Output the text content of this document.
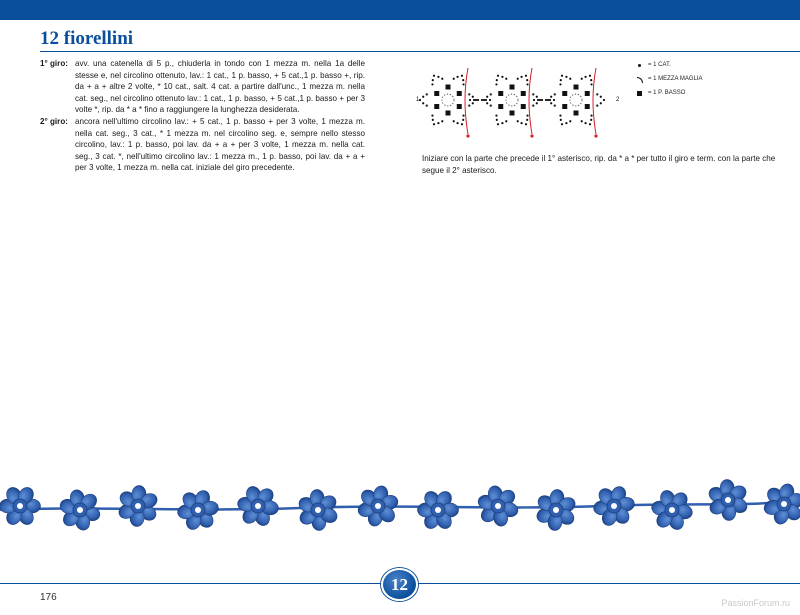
12 fiorellini
1° giro: avv. una catenella di 5 p., chiuderla in tondo con 1 mezza m. nella 1a delle stesse e, nel circolino ottenuto, lav.: 1 cat., 1 p. basso, + 5 cat.,1 p. basso +, rip. da + a + altre 2 volte, * 10 cat., salt. 4 cat. a partire dall'unc., 1 mezza m. nella cat. seg., nel circolino ottenuto lav.: 1 cat., 1 p. basso, + 5 cat.,1 p. basso + per 3 volte *, rip. da * a * fino a raggiungere la lunghezza desiderata.
2° giro: ancora nell'ultimo circolino lav.: + 5 cat., 1 p. basso + per 3 volte, 1 mezza m. nella cat. seg., 3 cat., * 1 mezza m. nel circolino seg. e, sempre nello stesso circolino, lav.: 1 p. basso, poi lav. da + a + per 3 volte, 1 mezza m. nella cat. seg., 3 cat. *, nell'ultimo circolino lav.: 1 mezza m., 1 p. basso, poi lav. da + a + per 3 volte, 1 mezza m. nella cat. iniziale del giro precedente.
1	2
= 1 CAT.
= 1 MEZZA MAGLIA
= 1 P. BASSO
Iniziare con la parte che precede il 1° asterisco, rip. da * a * per tutto il giro e term. con la parte che segue il 2° asterisco.
12
176	PassionForum.ru
